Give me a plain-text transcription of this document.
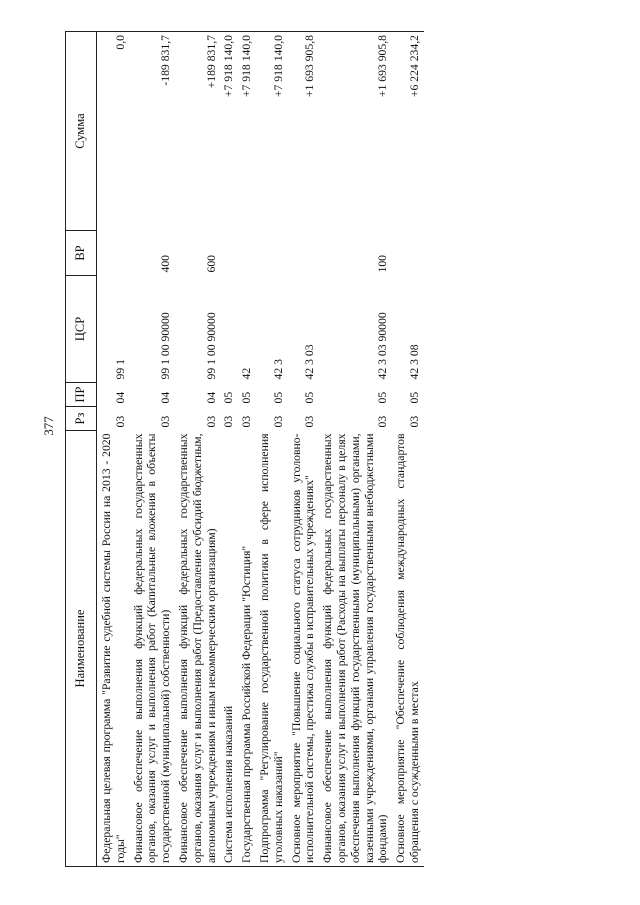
377
Наименование	Рз	ПР	ЦСР	ВР	Сумма
Федеральная целевая программа "Развитие судебной системы России на 2013 - 2020 годы"	03	04	99 1		0,0
Финансовое обеспечение выполнения функций федеральных государственных органов, оказания услуг и выполнения работ (Капитальные вложения в объекты государственной (муниципальной) собственности)	03	04	99 1 00 90000	400	-189 831,7
Финансовое обеспечение выполнения функций федеральных государственных органов, оказания услуг и выполнения работ (Предоставление субсидий бюджетным, автономным учреждениям и иным некоммерческим организациям)	03	04	99 1 00 90000	600	+189 831,7
Система исполнения наказаний	03	05			+7 918 140,0
Государственная программа Российской Федерации "Юстиция"	03	05	42		+7 918 140,0
Подпрограмма "Регулирование государственной политики в сфере исполнения уголовных наказаний"	03	05	42 3		+7 918 140,0
Основное мероприятие "Повышение социального статуса сотрудников уголовно-исполнительной системы, престижа службы в исправительных учреждениях"	03	05	42 3 03		+1 693 905,8
Финансовое обеспечение выполнения функций федеральных государственных органов, оказания услуг и выполнения работ (Расходы на выплаты персоналу в целях обеспечения выполнения функций государственными (муниципальными) органами, казенными учреждениями, органами управления государственными внебюджетными фондами)	03	05	42 3 03 90000	100	+1 693 905,8
Основное мероприятие "Обеспечение соблюдения международных стандартов обращения с осужденными в местах	03	05	42 3 08		+6 224 234,2
